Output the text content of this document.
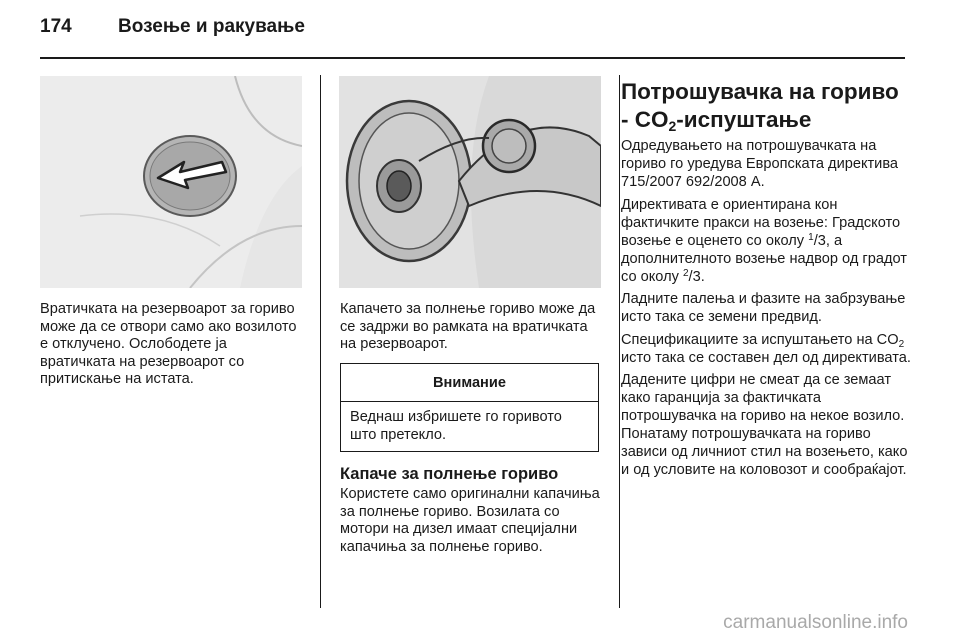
174	Возење и ракување

Вратичката на резервоарот за гориво може да се отвори само ако возилото е отклучено. Ослободете ја вратичката на резервоарот со притискање на истата.

Капачето за полнење гориво може да се задржи во рамката на вратичката на резервоарот.

Внимание
Веднаш избришете го горивото што претекло.
Капаче за полнење гориво

Користете само оригинални капачиња за полнење гориво. Возилата со мотори на дизел имаат специјални капачиња за полнење гориво.

Потрошувачка на гориво - $CO_2$-испуштање

Одредувањето на потрошувачката на гориво го уредува Европската директива 715/2007 692/2008 A.

Директивата е ориентирана кон фактичките пракси на возење: Градското возење е оценето со околу $^1$/3, а дополнителното возење надвор од градот со околу $^2$/3.

Ладните палења и фазите на забрзување исто така се земени предвид.

Спецификациите за испуштањето на $CO_2$ исто така се составен дел од директивата.

Дадените цифри не смеат да се земаат како гаранција за фактичката потрошувачка на гориво на некое возило. Понатаму потрошувачката на гориво зависи од личниот стил на возењето, како и од условите на коловозот и сообраќајот.

carmanualsonline.info
